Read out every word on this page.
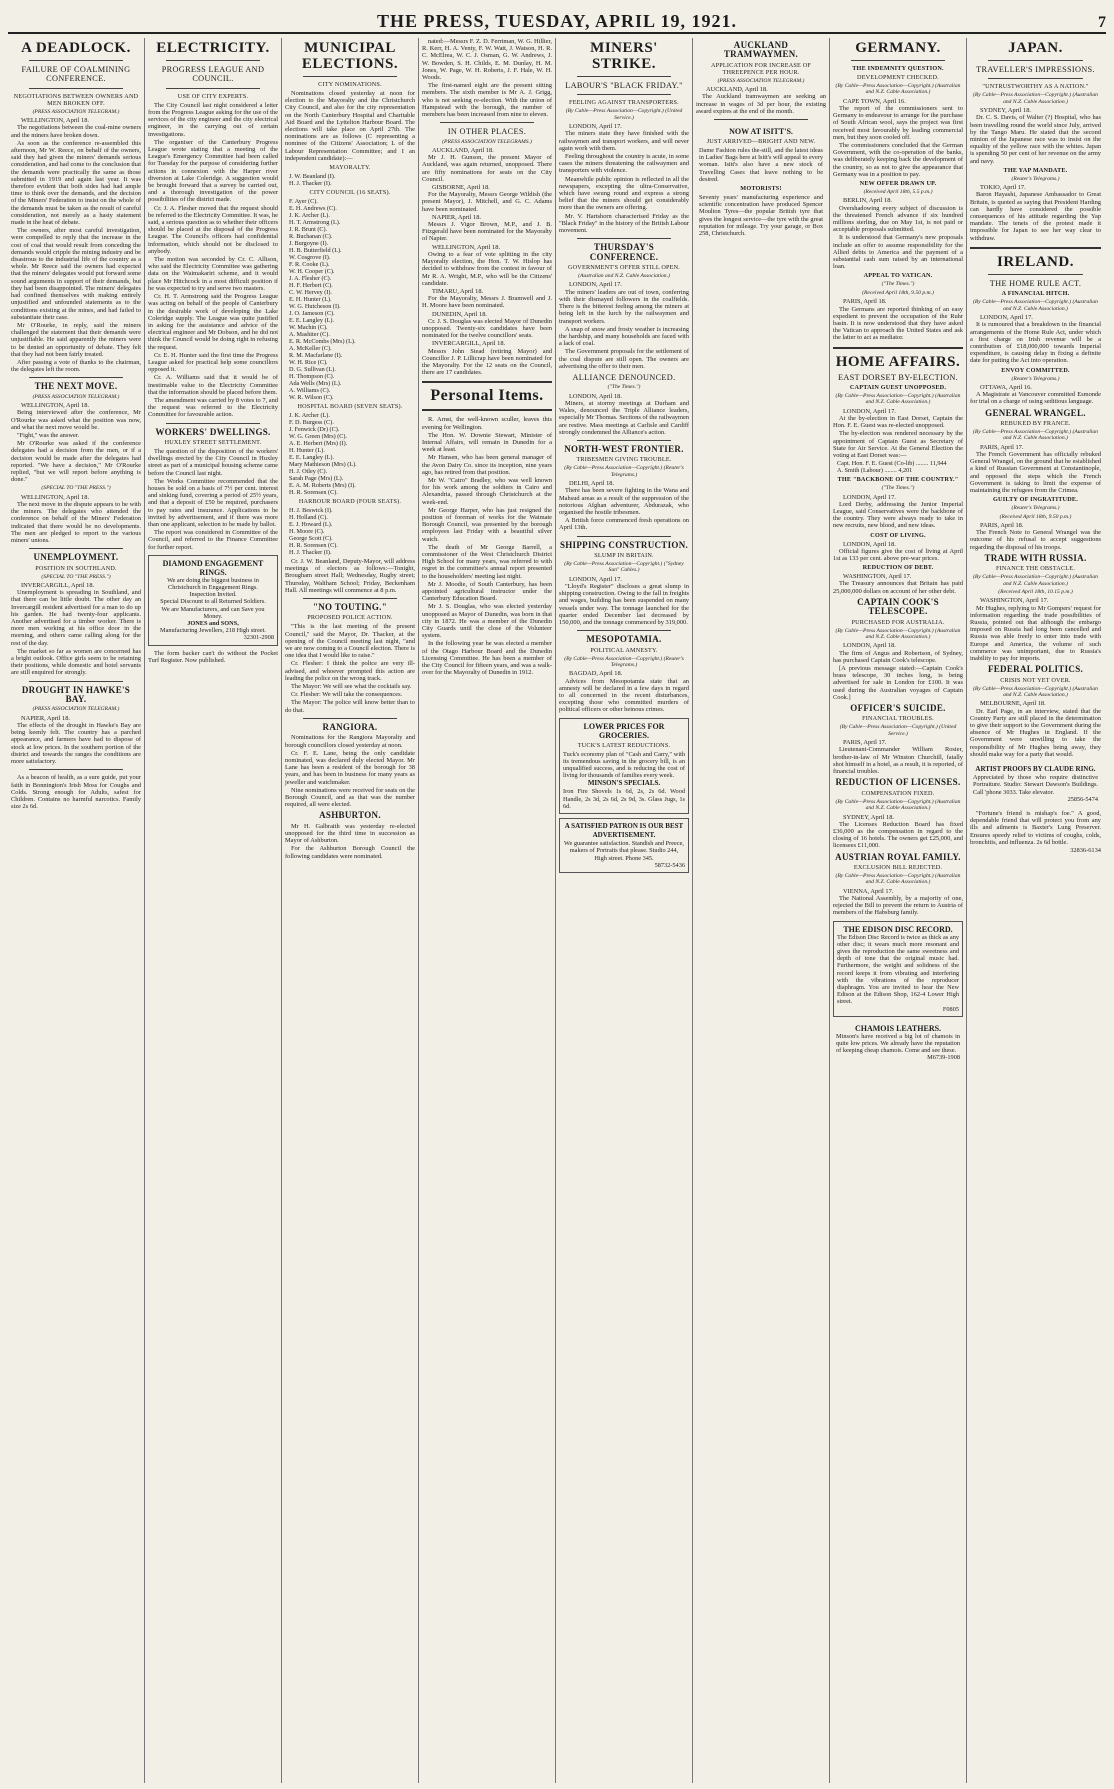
THE PRESS, TUESDAY, APRIL 19, 1921.	7
A DEADLOCK.
FAILURE OF COALMINING CONFERENCE.
NEGOTIATIONS BETWEEN OWNERS AND MEN BROKEN OFF.
(PRESS ASSOCIATION TELEGRAM.)

WELLINGTON, April 18.

The negotiations between the coal-mine owners and the miners have broken down.

As soon as the conference re-assembled this afternoon, Mr W. Reece, on behalf of the owners, said they had given the miners' demands serious consideration, and had come to the conclusion that the demands were practically the same as those submitted in 1919 and again last year. It was therefore evident that both sides had had ample time to think over the demands, and the decision of the Miners' Federation to insist on the whole of the demands must be taken as the result of careful consideration, not merely as a hasty statement made in the heat of debate.

The owners, after most careful investigation, were compelled to reply that the increase in the cost of coal that would result from conceding the demands would cripple the mining industry and be disastrous to the industrial life of the country as a whole. Mr Reece said the owners had expected that the miners' delegates would put forward some sound arguments in support of their demands, but they had been disappointed. The miners' delegates had confined themselves with making entirely unjustified and unfounded statements as to the conditions existing at the mines, and had failed to substantiate their case.

Mr O'Rourke, in reply, said the miners challenged the statement that their demands were unjustifiable. He said apparently the miners were to be denied an opportunity of debate. They felt that they had not been fairly treated.

After passing a vote of thanks to the chairman, the delegates left the room.

THE NEXT MOVE.
(PRESS ASSOCIATION TELEGRAM.)

WELLINGTON, April 18.

Being interviewed after the conference, Mr O'Rourke was asked what the position was now, and what the next move would be.

"Fight," was the answer.

Mr O'Rourke was asked if the conference delegates had a decision from the men, or if a decision would be made after the delegates had reported. "We have a decision," Mr O'Rourke replied, "but we will report before anything is done."

(SPECIAL TO "THE PRESS.")

WELLINGTON, April 18.

The next move in the dispute appears to be with the miners. The delegates who attended the conference on behalf of the Miners' Federation indicated that there would be no developments. The men are pledged to report to the various miners' unions.

UNEMPLOYMENT.
POSITION IN SOUTHLAND.
(SPECIAL TO "THE PRESS.")

INVERCARGILL, April 18.

Unemployment is spreading in Southland, and that there can be little doubt. The other day an Invercargill resident advertised for a man to do up his garden. He had twenty-four applicants. Another advertised for a timber worker. There is more men working at his office door in the morning, and others came calling along for the rest of the day.

The market so far as women are concerned has a bright outlook. Office girls seem to be retaining their positions, while domestic and hotel servants are still enquired for strongly.

DROUGHT IN HAWKE'S BAY.
(PRESS ASSOCIATION TELEGRAM.)

NAPIER, April 18.

The effects of the drought in Hawke's Bay are being keenly felt. The country has a parched appearance, and farmers have had to dispose of stock at low prices. In the southern portion of the district and towards the ranges the conditions are more satisfactory.

As a beacon of health, as a sure guide, put your faith in Bonnington's Irish Moss for Coughs and Colds. Strong enough for Adults, safest for Children. Contains no harmful narcotics. Family size 2s 6d.

ELECTRICITY.
PROGRESS LEAGUE AND COUNCIL.
USE OF CITY EXPERTS.

The City Council last night considered a letter from the Progress League asking for the use of the services of the city engineer and the city electrical engineer, in the carrying out of certain investigations.

The organiser of the Canterbury Progress League wrote stating that a meeting of the League's Emergency Committee had been called for Tuesday for the purpose of considering further actions in connexion with the Harper river diversion at Lake Coleridge. A suggestion would be brought forward that a survey be carried out, and a thorough investigation of the power possibilities of the district made.

Cr. J. A. Flesher moved that the request should be referred to the Electricity Committee. It was, he said, a serious question as to whether their officers should be placed at the disposal of the Progress League. The Council's officers had confidential information, which should not be disclosed to anybody.

The motion was seconded by Cr. C. Allison, who said the Electricity Committee was gathering data on the Waimakariri scheme, and it would place Mr Hitchcock in a most difficult position if he was expected to try and serve two masters.

Cr. H. T. Armstrong said the Progress League was acting on behalf of the people of Canterbury in the desirable work of developing the Lake Coleridge supply. The League was quite justified in asking for the assistance and advice of the electrical engineer and Mr Dobson, and he did not think the Council would be doing right in refusing the request.

Cr. E. H. Hunter said the first time the Progress League asked for practical help some councillors opposed it.

Cr. A. Williams said that it would be of inestimable value to the Electricity Committee that the information should be placed before them.

The amendment was carried by 8 votes to 7, and the request was referred to the Electricity Committee for favourable action.

WORKERS' DWELLINGS.
HUXLEY STREET SETTLEMENT.

The question of the disposition of the workers' dwellings erected by the City Council in Huxley street as part of a municipal housing scheme came before the Council last night.

The Works Committee recommended that the houses be sold on a basis of 7½ per cent. interest and sinking fund, covering a period of 25½ years, and that a deposit of £50 be required, purchasers to pay rates and insurance. Applications to be invited by advertisement, and if there was more than one applicant, selection to be made by ballot.

The report was considered in Committee of the Council, and referred to the Finance Committee for further report.

DIAMOND ENGAGEMENT RINGS.
We are doing the biggest business in Christchurch in Engagement Rings.
Inspection Invited.
Special Discount to all Returned Soldiers.
We are Manufacturers, and can Save you Money.
JONES and SONS,
Manufacturing Jewellers, 218 High street.
32301-2908

The form backer can't do without the Pocket Turf Register. Now published.

MUNICIPAL ELECTIONS.
CITY NOMINATIONS.

Nominations closed yesterday at noon for election to the Mayoralty and the Christchurch City Council, and also for the city representation on the North Canterbury Hospital and Charitable Aid Board and the Lyttelton Harbour Board. The elections will take place on April 27th. The nominations are as follows (C representing a nominee of the Citizens' Association; L of the Labour Representation Committee; and I an independent candidate):—

MAYORALTY.
J. W. Beanland (I).
H. J. Thacker (I).
CITY COUNCIL (16 SEATS).
F. Ayer (C).
E. H. Andrews (C).
J. K. Archer (L).
H. T. Armstrong (L).
J. R. Brunt (C).
R. Buchanan (C).
J. Burgoyne (I).
H. B. Butterfield (L).
W. Cosgrove (I).
F. R. Cooke (L).
W. H. Cooper (C).
J. A. Flesher (C).
H. F. Herbert (C).
C. W. Hervey (I).
E. H. Hunter (L).
W. G. Hutcheson (I).
J. O. Jameson (C).
E. E. Langley (L).
W. Machin (C).
A. Mashiter (C).
E. R. McCombs (Mrs) (L).
A. McKeller (C).
R. M. Macfarlane (I).
W. H. Rice (C).
D. G. Sullivan (L).
H. Thompson (C).
Ada Wells (Mrs) (L).
A. Williams (C).
W. R. Wilson (C).
HOSPITAL BOARD (SEVEN SEATS).
J. K. Archer (L).
F. D. Burgess (C).
J. Fenwick (Dr) (C).
W. G. Green (Mrs) (C).
A. E. Herbert (Mrs) (I).
H. Hunter (L).
E. E. Langley (L).
Mary Mathieson (Mrs) (L).
H. J. Otley (C).
Sarah Page (Mrs) (L).
E. A. M. Roberts (Mrs) (I).
H. R. Sorensen (C).
HARBOUR BOARD (FOUR SEATS).
H. J. Beswick (I).
H. Holland (C).
E. J. Howard (L).
H. Moore (C).
George Scott (C).
H. R. Sorensen (C).
H. J. Thacker (I).

Cr. J. W. Beanland, Deputy-Mayor, will address meetings of electors as follows:—Tonight, Brougham street Hall; Wednesday, Rugby street; Thursday, Waltham School; Friday, Beckenham Hall. All meetings will commence at 8 p.m.

"NO TOUTING."
PROPOSED POLICE ACTION.

"This is the last meeting of the present Council," said the Mayor, Dr. Thacker, at the opening of the Council meeting last night, "and we are now coming to a Council election. There is one idea that I would like to raise."

Cr. Flesher: I think the police are very ill-advised, and whoever prompted this action are leading the police on the wrong track.

The Mayor: We will see what the cocktails say.

Cr. Flesher: We will take the consequences.

The Mayor: The police will know better than to do that.

RANGIORA.

Nominations for the Rangiora Mayoralty and borough councillors closed yesterday at noon.

Cr. F. E. Lane, being the only candidate nominated, was declared duly elected Mayor. Mr Lane has been a resident of the borough for 38 years, and has been in business for many years as jeweller and watchmaker.

Nine nominations were received for seats on the Borough Council, and as that was the number required, all were elected.

ASHBURTON.

Mr H. Galbraith was yesterday re-elected unopposed for the third time in succession as Mayor of Ashburton.

For the Ashburton Borough Council the following candidates were nominated.

nated:—Messrs F. Z. D. Ferriman, W. G. Hillier, R. Kerr, H. A. Venty, F. W. Watt, J. Watson, H. R. C. McElrea, W. C. J. Osman, G. W. Andrews, J. W. Bowden, S. H. Childs, E. M. Dunlay, H. M. Jones, W. Page, W. H. Roberts, J. F. Hale, W. H. Woods.

The first-named eight are the present sitting members. The sixth member is Mr A. J. Grigg, who is not seeking re-election. With the union of Hampstead with the borough, the number of members has been increased from nine to eleven.

IN OTHER PLACES.
(PRESS ASSOCIATION TELEGRAMS.)

AUCKLAND, April 18.

Mr J. H. Gunson, the present Mayor of Auckland, was again returned, unopposed. There are fifty nominations for seats on the City Council.

GISBORNE, April 18.

For the Mayoralty, Messrs George Wildish (the present Mayor), J. Mitchell, and G. C. Adams have been nominated.

NAPIER, April 18.

Messrs J. Vigor Brown, M.P., and J. B. Fitzgerald have been nominated for the Mayoralty of Napier.

WELLINGTON, April 18.

Owing to a fear of vote splitting in the city Mayoralty election, the Hon. T. W. Hislop has decided to withdraw from the contest in favour of Mr R. A. Wright, M.P., who will be the Citizens' candidate.

TIMARU, April 18.

For the Mayoralty, Messrs J. Bramwell and J. H. Moore have been nominated.

DUNEDIN, April 18.

Cr. J. S. Douglas was elected Mayor of Dunedin unopposed. Twenty-six candidates have been nominated for the twelve councillors' seats.

INVERCARGILL, April 18.

Messrs John Stead (retiring Mayor) and Councillor J. P. Lillicrap have been nominated for the Mayoralty. For the 12 seats on the Council, there are 17 candidates.

Personal Items.

R. Arnst, the well-known sculler, leaves this evening for Wellington.

The Hon. W. Downie Stewart, Minister of Internal Affairs, will remain in Dunedin for a week at least.

Mr Hansen, who has been general manager of the Avon Dairy Co. since its inception, nine years ago, has retired from that position.

Mr W. "Cairo" Bradley, who was well known for his work among the soldiers in Cairo and Alexandria, passed through Christchurch at the week-end.

Mr George Harper, who has just resigned the position of foreman of works for the Waimate Borough Council, was presented by the borough employees last Friday with a beautiful silver watch.

The death of Mr George Barrell, a commissioner of the West Christchurch District High School for many years, was referred to with regret in the committee's annual report presented to the householders' meeting last night.

Mr J. Moodie, of South Canterbury, has been appointed agricultural instructor under the Canterbury Education Board.

Mr J. S. Douglas, who was elected yesterday unopposed as Mayor of Dunedin, was born in that city in 1872. He was a member of the Dunedin City Guards until the close of the Volunteer system.

In the following year he was elected a member of the Otago Harbour Board and the Dunedin Licensing Committee. He has been a member of the City Council for fifteen years, and was a walk-over for the Mayoralty of Dunedin in 1912.

MINERS' STRIKE.
LABOUR'S "BLACK FRIDAY."
FEELING AGAINST TRANSPORTERS.
(By Cable—Press Association—Copyright.) (United Service.)

LONDON, April 17.

The miners state they have finished with the railwaymen and transport workers, and will never again work with them.

Feeling throughout the country is acute, in some cases the miners threatening the railwaymen and transporters with violence.

Meanwhile public opinion is reflected in all the newspapers, excepting the ultra-Conservative, which have swung round and express a strong belief that the miners should get considerably more than the owners are offering.

Mr. V. Hartshorn characterised Friday as the "Black Friday" in the history of the British Labour movement.

THURSDAY'S CONFERENCE.
GOVERNMENT'S OFFER STILL OPEN.
(Australian and N.Z. Cable Association.)

LONDON, April 17.

The miners' leaders are out of town, conferring with their dismayed followers in the coalfields. There is the bitterest feeling among the miners at being left in the lurch by the railwaymen and transport workers.

A snap of snow and frosty weather is increasing the hardship, and many households are faced with a lack of coal.

The Government proposals for the settlement of the coal dispute are still open. The owners are advertising the offer to their men.

ALLIANCE DENOUNCED.
("The Times.")

LONDON, April 18.

Miners, at stormy meetings at Durham and Wales, denounced the Triple Alliance leaders, especially Mr Thomas. Sections of the railwaymen are restive. Mass meetings at Carlisle and Cardiff strongly condemned the Alliance's action.

NORTH-WEST FRONTIER.
TRIBESMEN GIVING TROUBLE.
(By Cable—Press Association—Copyright.) (Reuter's Telegrams.)

DELHI, April 18.

There has been severe fighting in the Wana and Mahsud areas as a result of the suppression of the notorious Afghan adventurer, Abdurazak, who organised the hostile tribesmen.

A British force commenced fresh operations on April 13th.

SHIPPING CONSTRUCTION.
SLUMP IN BRITAIN.
(By Cable—Press Association—Copyright.) ("Sydney Sun" Cables.)

LONDON, April 17.

"Lloyd's Register" discloses a great slump in shipping construction. Owing to the fall in freights and wages, building has been suspended on many vessels under way. The tonnage launched for the quarter ended December last decreased by 150,000, and the tonnage commenced by 319,000.

MESOPOTAMIA.
POLITICAL AMNESTY.
(By Cable—Press Association—Copyright.) (Reuter's Telegrams.)

BAGDAD, April 18.

Advices from Mesopotamia state that an amnesty will be declared in a few days in regard to all concerned in the recent disturbances, excepting those who committed murders of political officers or other heinous crimes.

LOWER PRICES FOR GROCERIES.
TUCK'S LATEST REDUCTIONS.
Tuck's economy plan of "Cash and Carry," with its tremendous saving in the grocery bill, is an unqualified success, and is reducing the cost of living for thousands of families every week.
MINSON'S SPECIALS.
Iron Fire Shovels 1s 6d, 2s, 2s 6d. Wood Handle, 2s 3d, 2s 6d, 2s 9d, 3s. Glass Jugs, 1s 6d.
A SATISFIED PATRON IS OUR BEST ADVERTISEMENT.
We guarantee satisfaction. Standish and Preece, makers of Portraits that please. Studio 244, High street. Phone 345.
58732-5436
AUCKLAND TRAMWAYMEN.
APPLICATION FOR INCREASE OF THREEPENCE PER HOUR.
(PRESS ASSOCIATION TELEGRAM.)

AUCKLAND, April 18.

The Auckland tramwaymen are seeking an increase in wages of 3d per hour, the existing award expires at the end of the month.

NOW AT ISITT'S.
JUST ARRIVED—BRIGHT AND NEW.
Dame Fashion rules the-still, and the latest ideas in Ladies' Bags here at Isitt's will appeal to every woman. Isitt's also have a new stock of Travelling Cases that leave nothing to be desired.
MOTORISTS!
Seventy years' manufacturing experience and scientific concentration have produced Spencer Moulton Tyres—the popular British tyre that gives the longest service—the tyre with the great reputation for mileage. Try your garage, or Box 258, Christchurch.
GERMANY.
THE INDEMNITY QUESTION.
DEVELOPMENT CHECKED.
(By Cable—Press Association—Copyright.) (Australian and N.Z. Cable Association.)

CAPE TOWN, April 16.

The report of the commissioners sent to Germany to endeavour to arrange for the purchase of South African wool, says the project was first received most favourably by leading commercial men, but they soon cooled off.

The commissioners concluded that the German Government, with the co-operation of the banks, was deliberately keeping back the development of the country, so as not to give the appearance that Germany was in a position to pay.

NEW OFFER DRAWN UP.
(Received April 18th, 5.5 p.m.)

BERLIN, April 18.

Overshadowing every subject of discussion is the threatened French advance if six hundred millions sterling, due on May 1st, is not paid or acceptable proposals submitted.

It is understood that Germany's new proposals include an offer to assume responsibility for the Allied debts to America and the payment of a substantial cash sum raised by an international loan.

APPEAL TO VATICAN.
("The Times.")
(Received April 18th, 9.50 p.m.)

PARIS, April 18.

The Germans are reported thinking of an easy expedient to prevent the occupation of the Ruhr basin. It is now understood that they have asked the Vatican to approach the United States and ask the latter to act as mediator.

HOME AFFAIRS.
EAST DORSET BY-ELECTION.
CAPTAIN GUEST UNOPPOSED.
(By Cable—Press Association—Copyright.) (Australian and N.Z. Cable Association.)

LONDON, April 17.

At the by-election in East Dorset, Captain the Hon. F. E. Guest was re-elected unopposed.

The by-election was rendered necessary by the appointment of Captain Guest as Secretary of State for Air Service. At the General Election the voting at East Dorset was:—

Capt. Hon. F. E. Guest (Co-lib) ........ 11,944
A. Smith (Labour) ........ 4,201
THE "BACKBONE OF THE COUNTRY."
("The Times.")

LONDON, April 17.

Lord Derby, addressing the Junior Imperial League, said Conservatives were the backbone of the country. They were always ready to take in new recruits, new blood, and new ideas.

COST OF LIVING.

LONDON, April 18.

Official figures give the cost of living at April 1st as 133 per cent. above pre-war prices.

REDUCTION OF DEBT.

WASHINGTON, April 17.

The Treasury announces that Britain has paid 25,000,000 dollars on account of her other debt.

CAPTAIN COOK'S TELESCOPE.
PURCHASED FOR AUSTRALIA.
(By Cable—Press Association—Copyright.) (Australian and N.Z. Cable Association.)

LONDON, April 18.

The firm of Angus and Robertson, of Sydney, has purchased Captain Cook's telescope.

[A previous message stated:—Captain Cook's brass telescope, 30 inches long, is being advertised for sale in London for £100. It was used during the Australian voyages of Captain Cook.]

OFFICER'S SUICIDE.
FINANCIAL TROUBLES.
(By Cable—Press Association—Copyright.) (United Service.)

PARIS, April 17.

Lieutenant-Commander William Rosier, brother-in-law of Mr Winston Churchill, fatally shot himself in a hotel, as a result, it is reported, of financial troubles.

REDUCTION OF LICENSES.
COMPENSATION FIXED.
(By Cable—Press Association—Copyright.) (Australian and N.Z. Cable Association.)

SYDNEY, April 18.

The Licenses Reduction Board has fixed £36,000 as the compensation in regard to the closing of 16 hotels. The owners get £25,000, and licensees £11,000.

AUSTRIAN ROYAL FAMILY.
EXCLUSION BILL REJECTED.
(By Cable—Press Association—Copyright.) (Australian and N.Z. Cable Association.)

VIENNA, April 17.

The National Assembly, by a majority of one, rejected the Bill to prevent the return to Austria of members of the Habsburg family.

THE EDISON DISC RECORD.
The Edison Disc Record is twice as thick as any other disc; it wears much more resonant and gives the reproduction the same sweetness and depth of tone that the original music had. Furthermore, the weight and solidness of the record keeps it from vibrating and interfering with the vibrations of the reproducer diaphragm. You are invited to hear the New Edison at the Edison Shop, 162-4 Lower High street.
F0805
CHAMOIS LEATHERS.
Minson's have received a big lot of chamois in quite low prices. We already have the reputation of keeping cheap chamois. Come and see these.
M6739-1908
JAPAN.
TRAVELLER'S IMPRESSIONS.
"UNTRUSTWORTHY AS A NATION."
(By Cable—Press Association—Copyright.) (Australian and N.Z. Cable Association.)

SYDNEY, April 18.

Dr. C. S. Davis, of Walter (?) Hospital, who has been travelling round the world since July, arrived by the Tango Maru. He stated that the second minion of the Japanese race was to insist on the equality of the yellow race with the whites. Japan is spending 50 per cent of her revenue on the army and navy.

THE YAP MANDATE.
(Reuter's Telegrams.)

TOKIO, April 17.

Baron Hayashi, Japanese Ambassador to Great Britain, is quoted as saying that President Harding can hardly have considered the possible consequences of his attitude regarding the Yap mandate. The tenets of the protest made it impossible for Japan to see her way clear to withdraw.

IRELAND.
THE HOME RULE ACT.
A FINANCIAL HITCH.
(By Cable—Press Association—Copyright.) (Australian and N.Z. Cable Association.)

LONDON, April 17.

It is rumoured that a breakdown in the financial arrangements of the Home Rule Act, under which a first charge on Irish revenue will be a contribution of £18,000,000 towards Imperial expenditure, is causing delay in fixing a definite date for putting the Act into operation.

ENVOY COMMITTED.
(Reuter's Telegrams.)

OTTAWA, April 16.

A Magistrate at Vancouver committed Esmonde for trial on a charge of using seditious language.

GENERAL WRANGEL.
REBUKED BY FRANCE.
(By Cable—Press Association—Copyright.) (Australian and N.Z. Cable Association.)

PARIS, April 17.

The French Government has officially rebuked General Wrangel, on the ground that he established a kind of Russian Government at Constantinople, and opposed the steps which the French Government is taking to limit the expense of maintaining the refugees from the Crimea.

GUILTY OF INGRATITUDE.
(Reuter's Telegrams.)
(Received April 18th, 9.50 p.m.)

PARIS, April 18.

The French Note to General Wrangel was the outcome of his refusal to accept suggestions regarding the disposal of his troops.

TRADE WITH RUSSIA.
FINANCE THE OBSTACLE.
(By Cable—Press Association—Copyright.) (Australian and N.Z. Cable Association.)
(Received April 18th, 10.15 p.m.)

WASHINGTON, April 17.

Mr Hughes, replying to Mr Gompers' request for information regarding the trade possibilities of Russia, pointed out that although the embargo imposed on Russia had long been cancelled and Russia was able freely to enter into trade with Europe and America, the volume of such commerce was unimportant, due to Russia's inability to pay for imports.

FEDERAL POLITICS.
CRISIS NOT YET OVER.
(By Cable—Press Association—Copyright.) (Australian and N.Z. Cable Association.)

MELBOURNE, April 18.

Dr. Earl Page, in an interview, stated that the Country Party are still placed in the determination to give their support to the Government during the absence of Mr Hughes in England. If the Government were unwilling to take the responsibility of Mr Hughes being away, they should make way for a party that would.

ARTIST PROOFS BY CLAUDE RING.
Appreciated by those who require distinctive Portraiture. Studio: Stewart Dawson's Buildings. Call 'phone 3033. Take elevator.
25856-5474

"Fortune's friend is mishap's foe." A good, dependable friend that will protect you from any ills and ailments is Baxter's Lung Preserver. Ensures speedy relief to victims of coughs, colds, bronchitis, and influenza. 2s 6d bottle.

32836-6134
